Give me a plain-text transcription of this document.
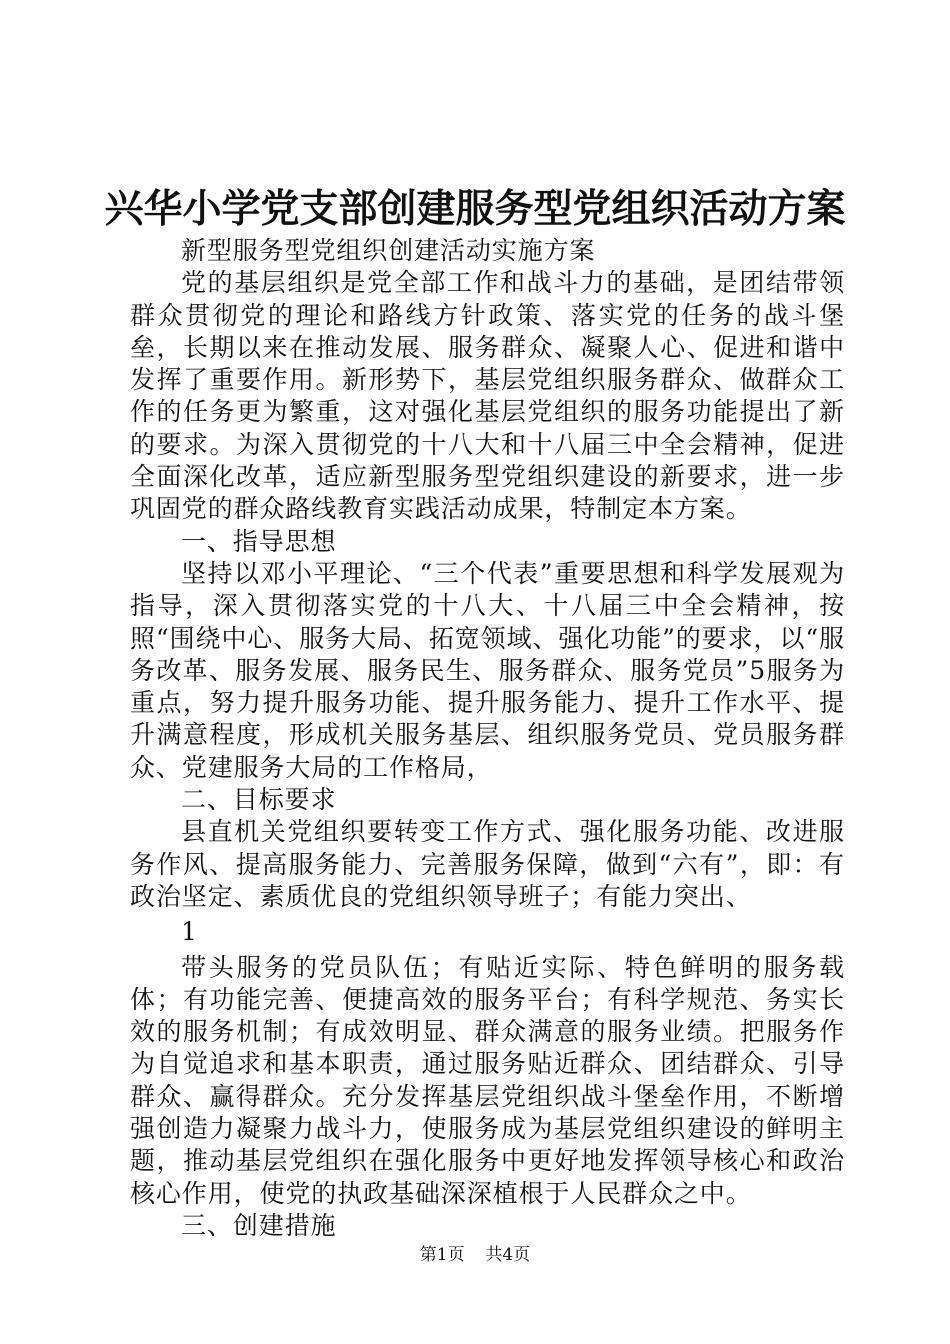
兴华小学党支部创建服务型党组织活动方案

新型服务型党组织创建活动实施方案

党的基层组织是党全部工作和战斗力的基础，是团结带领群众贯彻党的理论和路线方针政策、落实党的任务的战斗堡垒，长期以来在推动发展、服务群众、凝聚人心、促进和谐中发挥了重要作用。新形势下，基层党组织服务群众、做群众工作的任务更为繁重，这对强化基层党组织的服务功能提出了新的要求。为深入贯彻党的十八大和十八届三中全会精神，促进全面深化改革，适应新型服务型党组织建设的新要求，进一步巩固党的群众路线教育实践活动成果，特制定本方案。

一、指导思想

坚持以邓小平理论、“三个代表”重要思想和科学发展观为指导，深入贯彻落实党的十八大、十八届三中全会精神，按照“围绕中心、服务大局、拓宽领域、强化功能”的要求，以“服务改革、服务发展、服务民生、服务群众、服务党员”5服务为重点，努力提升服务功能、提升服务能力、提升工作水平、提升满意程度，形成机关服务基层、组织服务党员、党员服务群众、党建服务大局的工作格局，

二、目标要求

县直机关党组织要转变工作方式、强化服务功能、改进服务作风、提高服务能力、完善服务保障，做到“六有”，即：有政治坚定、素质优良的党组织领导班子；有能力突出、

1

带头服务的党员队伍；有贴近实际、特色鲜明的服务载体；有功能完善、便捷高效的服务平台；有科学规范、务实长效的服务机制；有成效明显、群众满意的服务业绩。把服务作为自觉追求和基本职责，通过服务贴近群众、团结群众、引导群众、赢得群众。充分发挥基层党组织战斗堡垒作用，不断增强创造力凝聚力战斗力，使服务成为基层党组织建设的鲜明主题，推动基层党组织在强化服务中更好地发挥领导核心和政治核心作用，使党的执政基础深深植根于人民群众之中。

三、创建措施

第1页 共4页
